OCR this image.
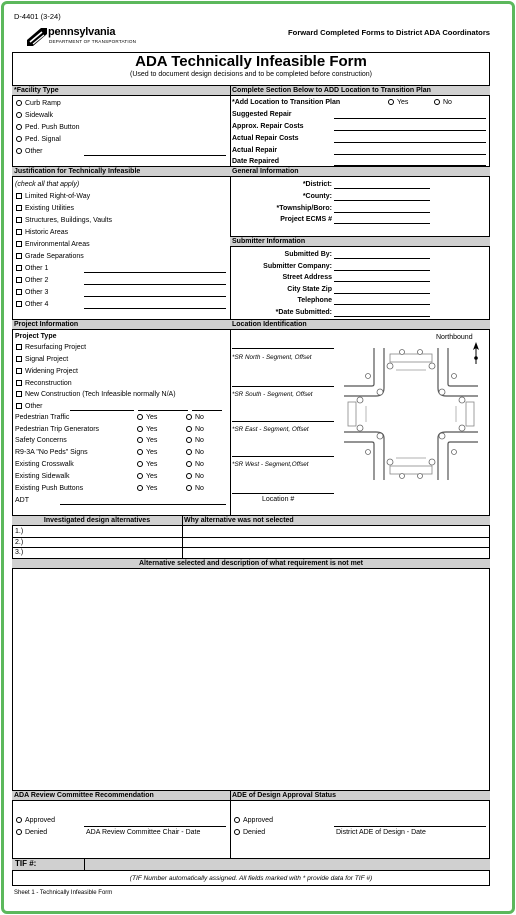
D-4401 (3-24)
pennsylvania
DEPARTMENT OF TRANSPORTATION
Forward Completed Forms to District ADA Coordinators
ADA Technically Infeasible Form
(Used to document design decisions and to be completed before construction)
*Facility Type	Complete Section Below to ADD Location to Transition Plan
Curb Ramp
Sidewalk
Ped. Push Button
Ped. Signal
Other
*Add Location to Transition Plan	Yes	No
Suggested Repair
Approx. Repair Costs
Actual Repair Costs
Actual Repair
Date Repaired
Justification for Technically Infeasible	General Information
(check all that apply)
Limited Right-of-Way
Existing Utilities
Structures, Buildings, Vaults
Historic Areas
Environmental Areas
Grade Separations
Other 1
Other 2
Other 3
Other 4
*District:
*County:
*Township/Boro:
Project ECMS #
Submitter Information
Submitted By:
Submitter Company:
Street Address
City State Zip
Telephone
*Date Submitted:
Project Information	Location Identification
Project Type
Resurfacing Project
Signal Project
Widening Project
Reconstruction
New Construction (Tech Infeasible normally N/A)
Other
Pedestrian Traffic	Yes	No
Pedestrian Trip Generators	Yes	No
Safety Concerns	Yes	No
R9-3A "No Peds" Signs	Yes	No
Existing Crosswalk	Yes	No
Existing Sidewalk	Yes	No
Existing Push Buttons	Yes	No
ADT
Northbound
*SR North - Segment, Offset
*SR South - Segment, Offset
*SR East - Segment, Offset
*SR West - Segment,Offset
Location #
Investigated design alternatives	Why alternative was not selected
1.)
2.)
3.)
Alternative selected and description of what requirement is not met
ADA Review Committee Recommendation	ADE of Design Approval Status
Approved
Denied	ADA Review Committee Chair - Date
Approved
Denied	District ADE of Design - Date
TIF #:
(TIF Number automatically assigned. All fields marked with * provide data for TIF #)
Sheet 1 - Technically Infeasible Form
